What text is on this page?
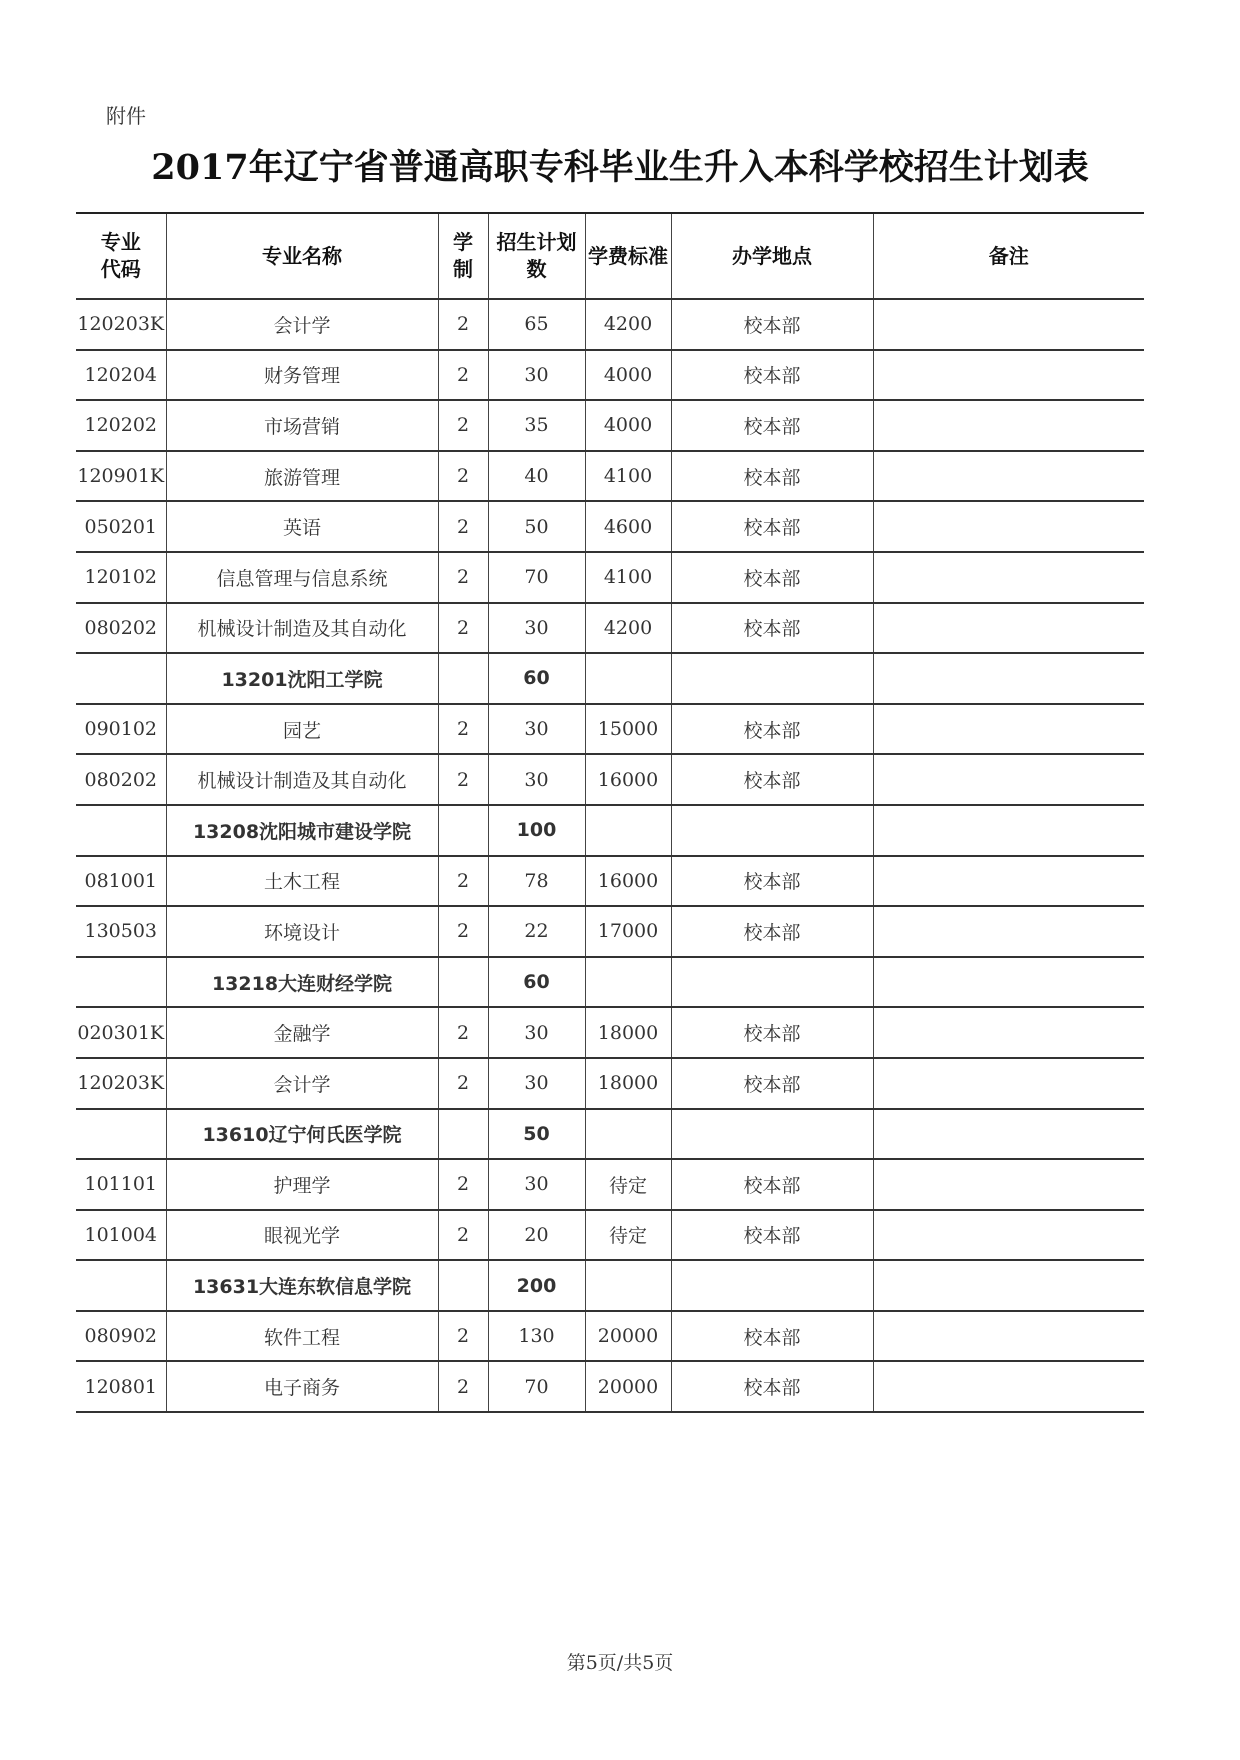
附件
2017年辽宁省普通高职专科毕业生升入本科学校招生计划表
专业代码	专业名称	学制	招生计划数	学费标准	办学地点	备注
120203K	会计学	2	65	4200	校本部	
120204	财务管理	2	30	4000	校本部	
120202	市场营销	2	35	4000	校本部	
120901K	旅游管理	2	40	4100	校本部	
050201	英语	2	50	4600	校本部	
120102	信息管理与信息系统	2	70	4100	校本部	
080202	机械设计制造及其自动化	2	30	4200	校本部	
	13201沈阳工学院		60			
090102	园艺	2	30	15000	校本部	
080202	机械设计制造及其自动化	2	30	16000	校本部	
	13208沈阳城市建设学院		100			
081001	土木工程	2	78	16000	校本部	
130503	环境设计	2	22	17000	校本部	
	13218大连财经学院		60			
020301K	金融学	2	30	18000	校本部	
120203K	会计学	2	30	18000	校本部	
	13610辽宁何氏医学院		50			
101101	护理学	2	30	待定	校本部	
101004	眼视光学	2	20	待定	校本部	
	13631大连东软信息学院		200			
080902	软件工程	2	130	20000	校本部	
120801	电子商务	2	70	20000	校本部	
第5页/共5页
